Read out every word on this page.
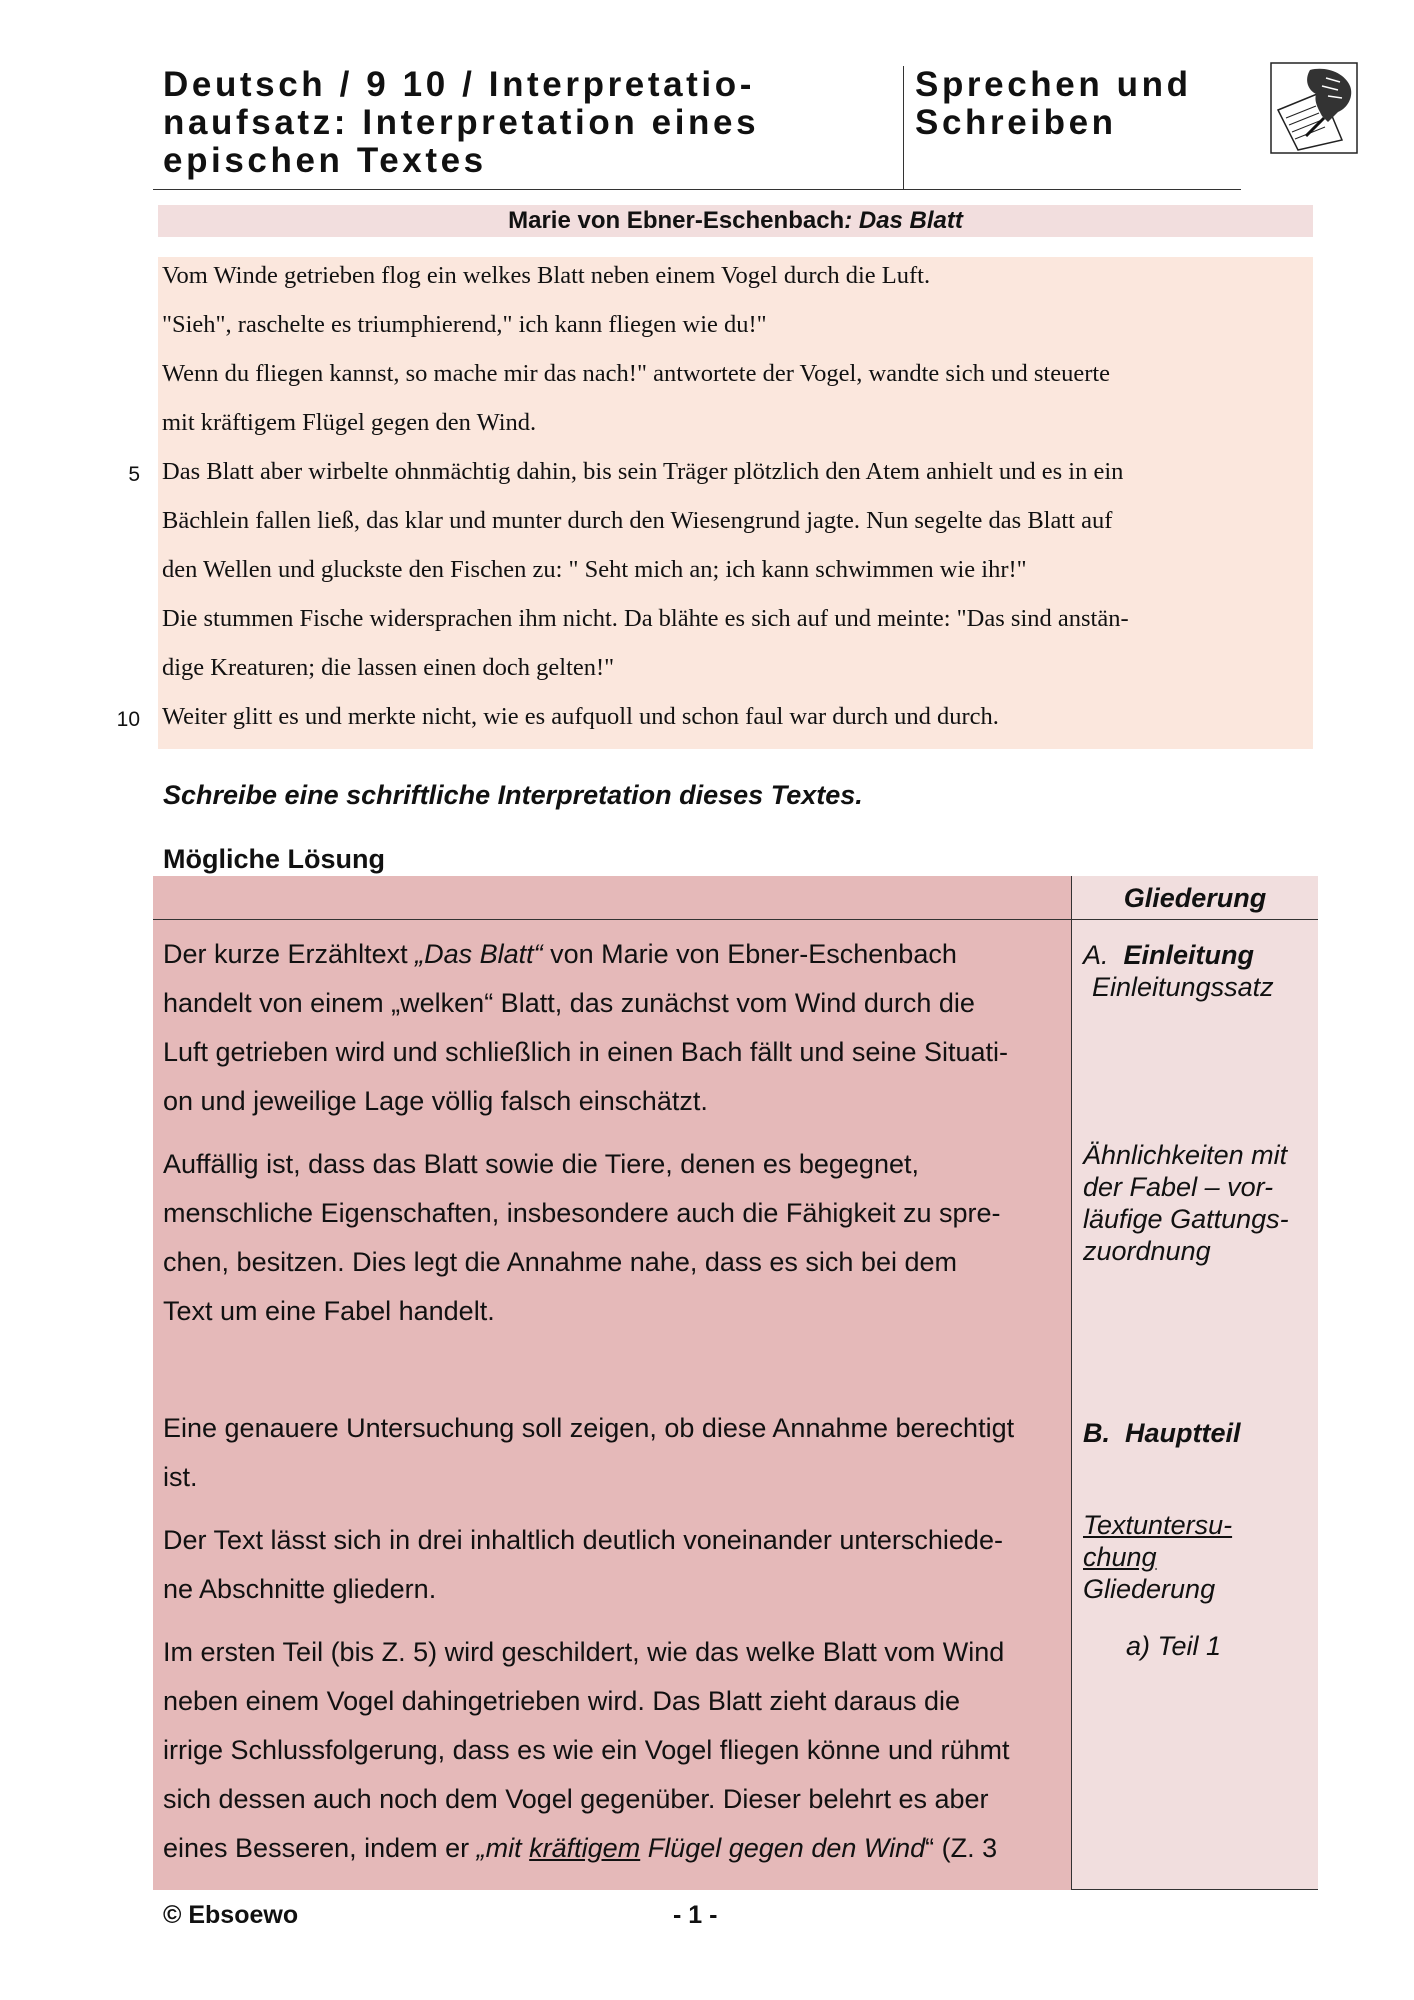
Deutsch / 9 10 / Interpretatio-
naufsatz: Interpretation eines
epischen Textes
Sprechen und
Schreiben
Marie von Ebner-Eschenbach: Das Blatt
Vom Winde getrieben flog ein welkes Blatt neben einem Vogel durch die Luft.
"Sieh", raschelte es triumphierend," ich kann fliegen wie du!"
Wenn du fliegen kannst, so mache mir das nach!" antwortete der Vogel, wandte sich und steuerte
mit kräftigem Flügel gegen den Wind.
5 Das Blatt aber wirbelte ohnmächtig dahin, bis sein Träger plötzlich den Atem anhielt und es in ein
Bächlein fallen ließ, das klar und munter durch den Wiesengrund jagte. Nun segelte das Blatt auf
den Wellen und gluckste den Fischen zu: " Seht mich an; ich kann schwimmen wie ihr!"
Die stummen Fische widersprachen ihm nicht. Da blähte es sich auf und meinte: "Das sind anstän-
dige Kreaturen; die lassen einen doch gelten!"
10 Weiter glitt es und merkte nicht, wie es aufquoll und schon faul war durch und durch.
Schreibe eine schriftliche Interpretation dieses Textes.
Mögliche Lösung
Gliederung
Der kurze Erzähltext „Das Blatt“ von Marie von Ebner-Eschenbach
handelt von einem „welken“ Blatt, das zunächst vom Wind durch die
Luft getrieben wird und schließlich in einen Bach fällt und seine Situati-
on und jeweilige Lage völlig falsch einschätzt.
Auffällig ist, dass das Blatt sowie die Tiere, denen es begegnet,
menschliche Eigenschaften, insbesondere auch die Fähigkeit zu spre-
chen, besitzen. Dies legt die Annahme nahe, dass es sich bei dem
Text um eine Fabel handelt.
Eine genauere Untersuchung soll zeigen, ob diese Annahme berechtigt
ist.
Der Text lässt sich in drei inhaltlich deutlich voneinander unterschiede-
ne Abschnitte gliedern.
Im ersten Teil (bis Z. 5) wird geschildert, wie das welke Blatt vom Wind
neben einem Vogel dahingetrieben wird. Das Blatt zieht daraus die
irrige Schlussfolgerung, dass es wie ein Vogel fliegen könne und rühmt
sich dessen auch noch dem Vogel gegenüber. Dieser belehrt es aber
eines Besseren, indem er „mit kräftigem Flügel gegen den Wind“ (Z. 3
A. Einleitung
Einleitungssatz
Ähnlichkeiten mit
der Fabel – vor-
läufige Gattungs-
zuordnung
B. Hauptteil
Textuntersu-
chung
Gliederung
a) Teil 1
© Ebsoewo	- 1 -
